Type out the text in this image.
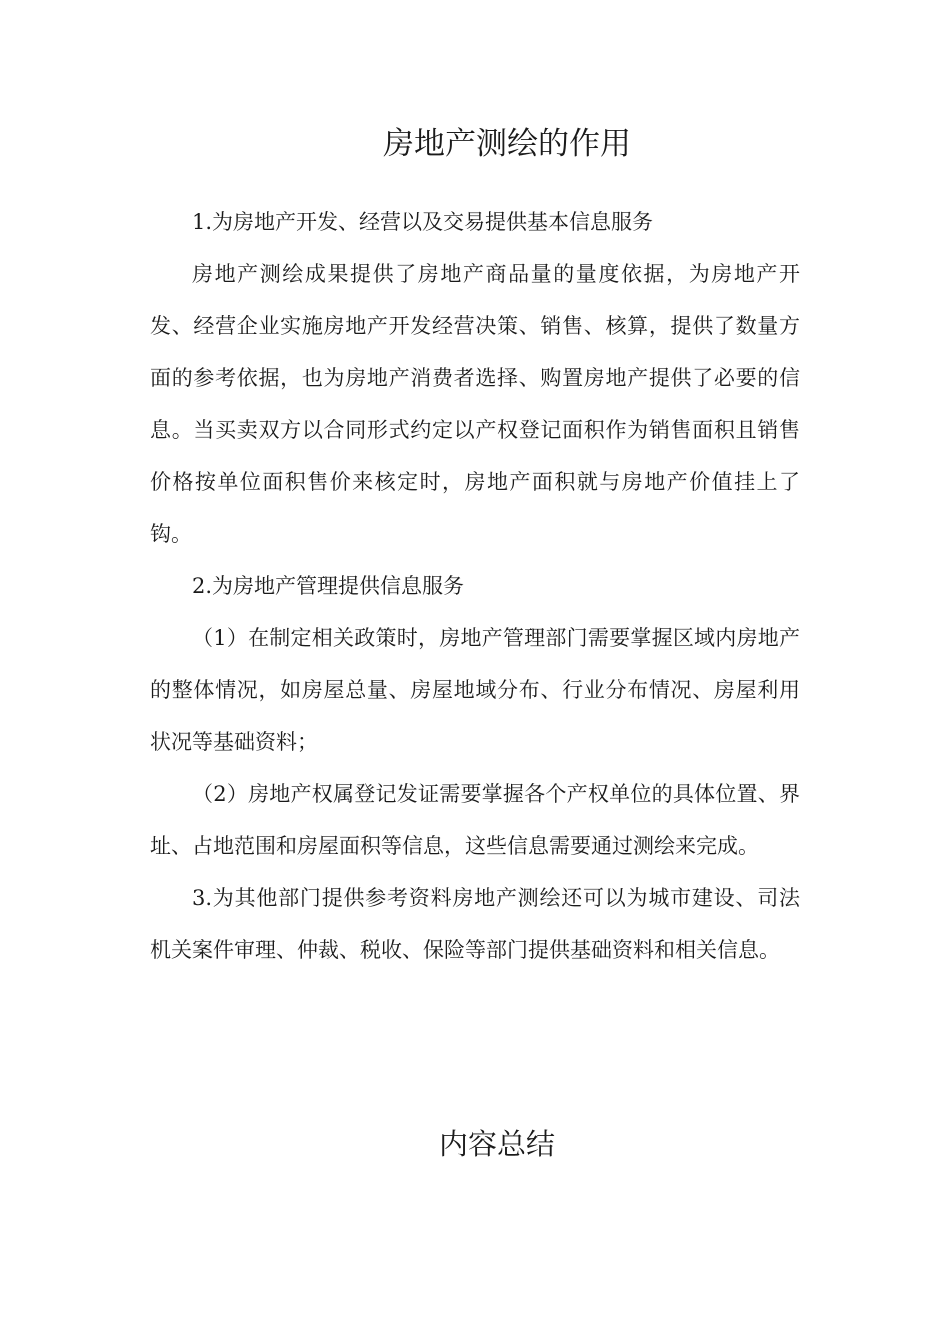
房地产测绘的作用

1.为房地产开发、经营以及交易提供基本信息服务

房地产测绘成果提供了房地产商品量的量度依据，为房地产开发、经营企业实施房地产开发经营决策、销售、核算，提供了数量方面的参考依据，也为房地产消费者选择、购置房地产提供了必要的信息。当买卖双方以合同形式约定以产权登记面积作为销售面积且销售价格按单位面积售价来核定时，房地产面积就与房地产价值挂上了钩。

2.为房地产管理提供信息服务

（1）在制定相关政策时，房地产管理部门需要掌握区域内房地产的整体情况，如房屋总量、房屋地域分布、行业分布情况、房屋利用状况等基础资料；

（2）房地产权属登记发证需要掌握各个产权单位的具体位置、界址、占地范围和房屋面积等信息，这些信息需要通过测绘来完成。

3.为其他部门提供参考资料房地产测绘还可以为城市建设、司法机关案件审理、仲裁、税收、保险等部门提供基础资料和相关信息。

内容总结
